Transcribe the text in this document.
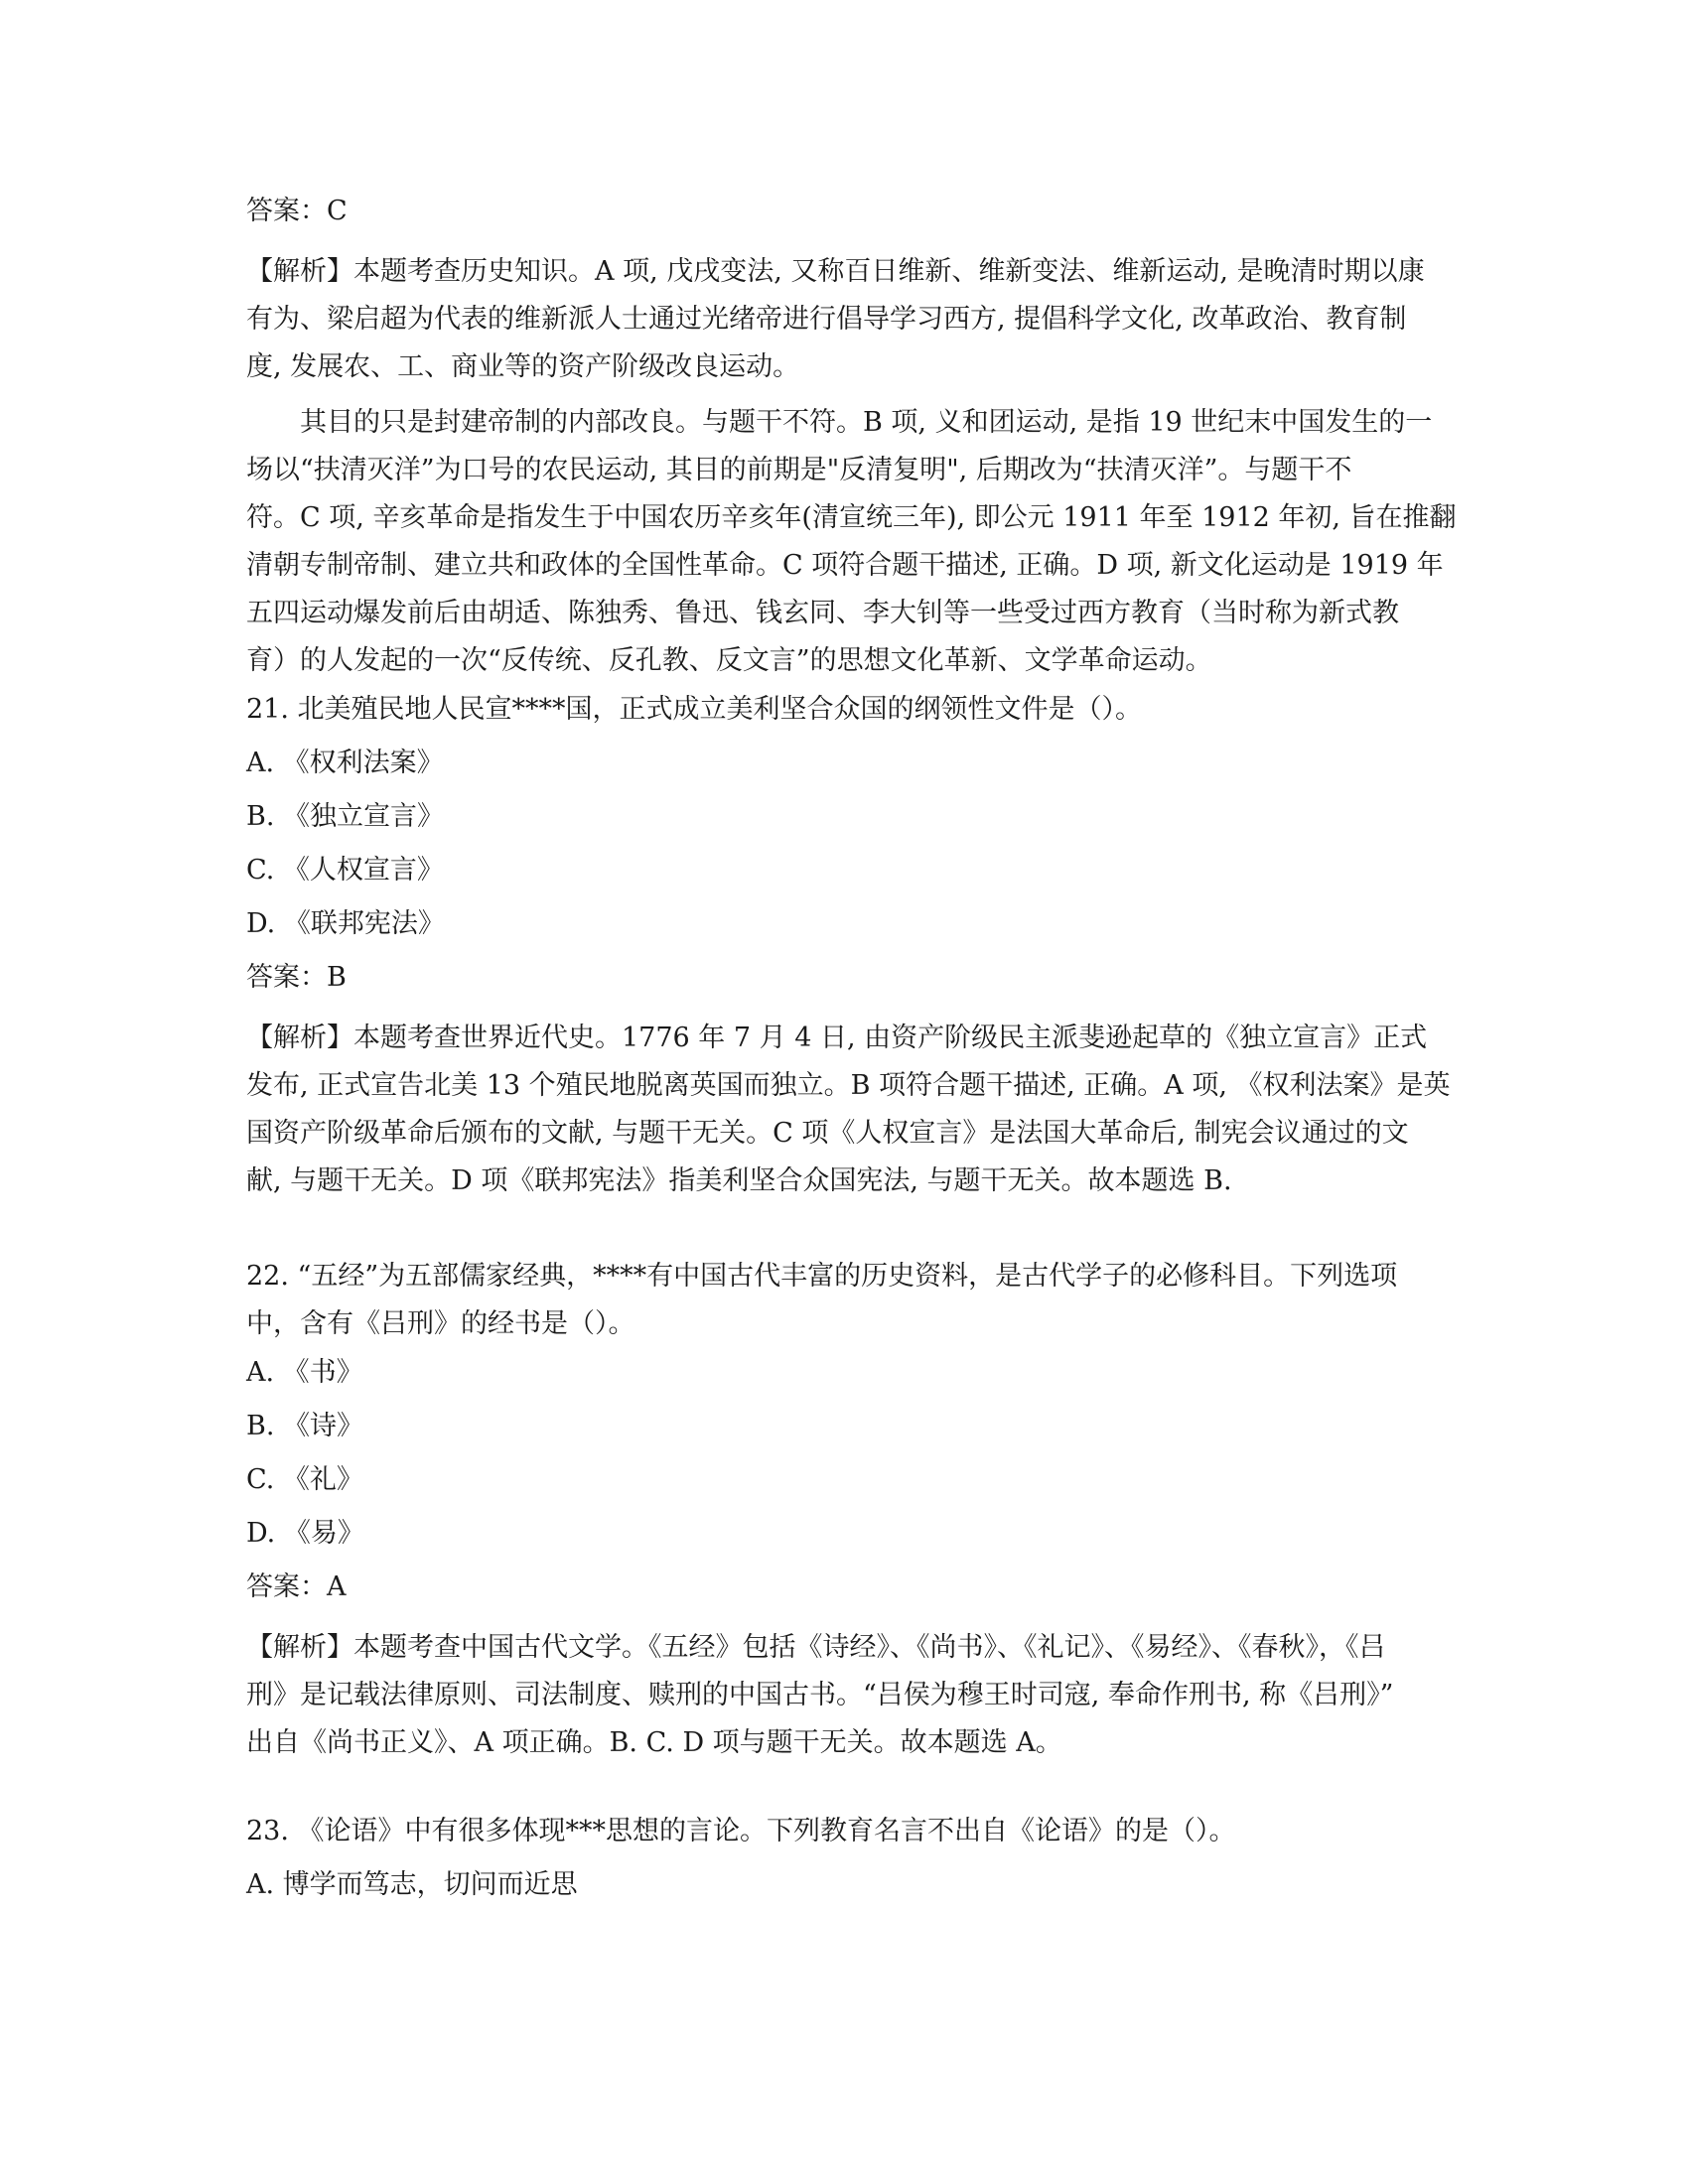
答案：C
【解析】本题考查历史知识。A 项, 戊戌变法, 又称百日维新、维新变法、维新运动, 是晚清时期以康
有为、梁启超为代表的维新派人士通过光绪帝进行倡导学习西方, 提倡科学文化, 改革政治、教育制
度, 发展农、工、商业等的资产阶级改良运动。
其目的只是封建帝制的内部改良。与题干不符。B 项, 义和团运动, 是指 19 世纪末中国发生的一
场以“扶清灭洋”为口号的农民运动, 其目的前期是"反清复明", 后期改为“扶清灭洋”。与题干不
符。C 项, 辛亥革命是指发生于中国农历辛亥年(清宣统三年), 即公元 1911 年至 1912 年初, 旨在推翻
清朝专制帝制、建立共和政体的全国性革命。C 项符合题干描述, 正确。D 项, 新文化运动是 1919 年
五四运动爆发前后由胡适、陈独秀、鲁迅、钱玄同、李大钊等一些受过西方教育（当时称为新式教
育）的人发起的一次“反传统、反孔教、反文言”的思想文化革新、文学革命运动。
21. 北美殖民地人民宣****国，正式成立美利坚合众国的纲领性文件是（）。
A. 《权利法案》
B. 《独立宣言》
C. 《人权宣言》
D. 《联邦宪法》
答案：B
【解析】本题考查世界近代史。1776 年 7 月 4 日, 由资产阶级民主派斐逊起草的《独立宣言》正式
发布, 正式宣告北美 13 个殖民地脱离英国而独立。B 项符合题干描述, 正确。A 项, 《权利法案》是英
国资产阶级革命后颁布的文献, 与题干无关。C 项《人权宣言》是法国大革命后, 制宪会议通过的文
献, 与题干无关。D 项《联邦宪法》指美利坚合众国宪法, 与题干无关。故本题选 B.
22. “五经”为五部儒家经典，****有中国古代丰富的历史资料，是古代学子的必修科目。下列选项
中，含有《吕刑》的经书是（）。
A. 《书》
B. 《诗》
C. 《礼》
D. 《易》
答案：A
【解析】本题考查中国古代文学。《五经》包括《诗经》、《尚书》、《礼记》、《易经》、《春秋》，《吕
刑》是记载法律原则、司法制度、赎刑的中国古书。“吕侯为穆王时司寇, 奉命作刑书, 称《吕刑》”
出自《尚书正义》、A 项正确。B. C. D 项与题干无关。故本题选 A。
23. 《论语》中有很多体现***思想的言论。下列教育名言不出自《论语》的是（）。
A. 博学而笃志，切问而近思
